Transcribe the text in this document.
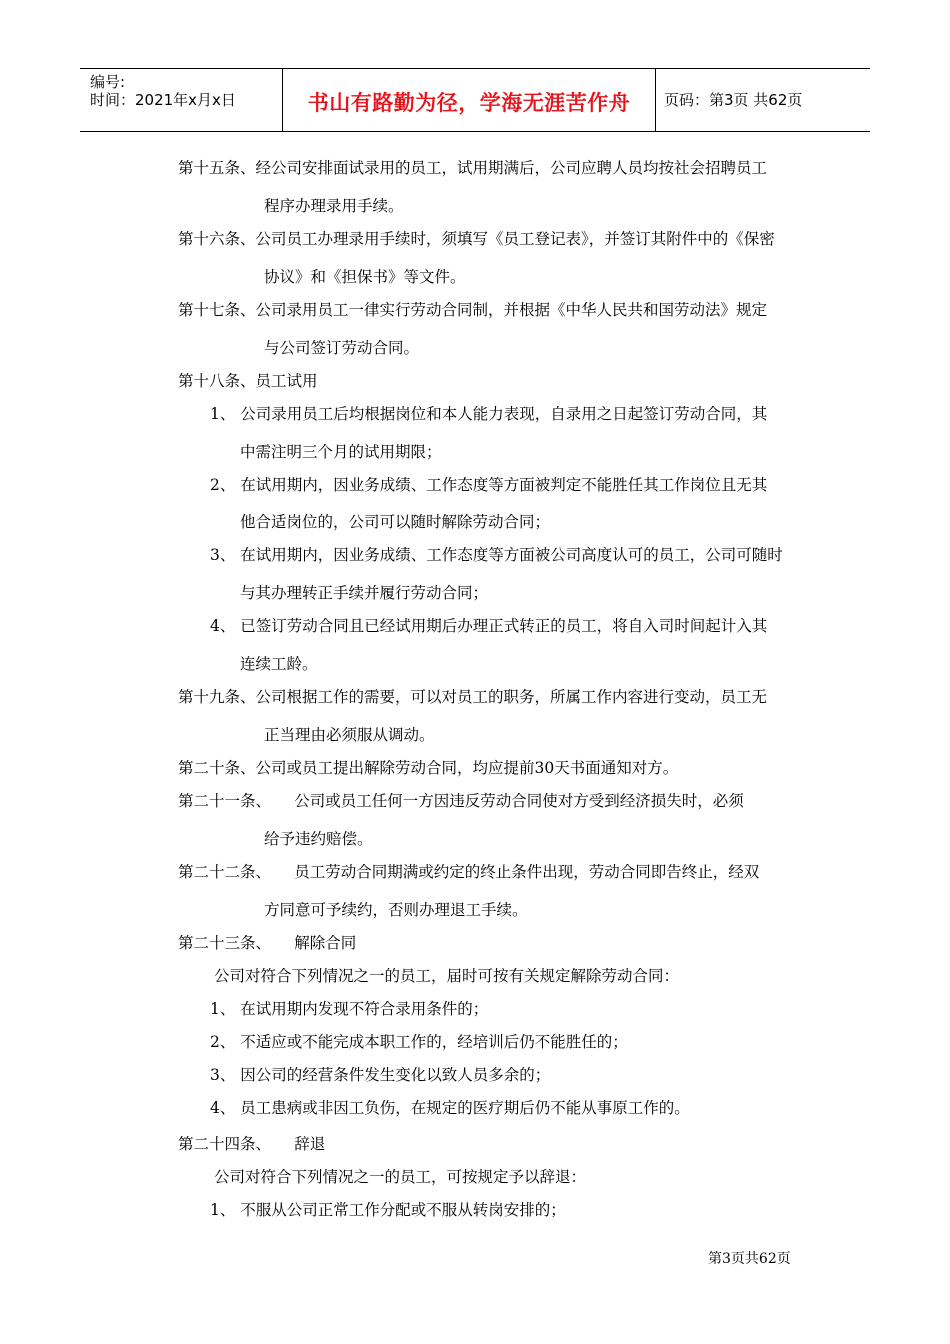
编号:
时间：2021年x月x日	书山有路勤为径，学海无涯苦作舟	页码：第3页 共62页
第十五条、经公司安排面试录用的员工，试用期满后，公司应聘人员均按社会招聘员工
程序办理录用手续。
第十六条、公司员工办理录用手续时，须填写《员工登记表》，并签订其附件中的《保密
协议》和《担保书》等文件。
第十七条、公司录用员工一律实行劳动合同制，并根据《中华人民共和国劳动法》规定
与公司签订劳动合同。
第十八条、员工试用
1、 公司录用员工后均根据岗位和本人能力表现，自录用之日起签订劳动合同，其
中需注明三个月的试用期限；
2、 在试用期内，因业务成绩、工作态度等方面被判定不能胜任其工作岗位且无其
他合适岗位的，公司可以随时解除劳动合同；
3、 在试用期内，因业务成绩、工作态度等方面被公司高度认可的员工，公司可随时
与其办理转正手续并履行劳动合同；
4、 已签订劳动合同且已经试用期后办理正式转正的员工，将自入司时间起计入其
连续工龄。
第十九条、公司根据工作的需要，可以对员工的职务，所属工作内容进行变动，员工无
正当理由必须服从调动。
第二十条、公司或员工提出解除劳动合同，均应提前30天书面通知对方。
第二十一条、　　公司或员工任何一方因违反劳动合同使对方受到经济损失时，必须
给予违约赔偿。
第二十二条、　　员工劳动合同期满或约定的终止条件出现，劳动合同即告终止，经双
方同意可予续约，否则办理退工手续。
第二十三条、　　解除合同
公司对符合下列情况之一的员工，届时可按有关规定解除劳动合同：
1、 在试用期内发现不符合录用条件的；
2、 不适应或不能完成本职工作的，经培训后仍不能胜任的；
3、 因公司的经营条件发生变化以致人员多余的；
4、 员工患病或非因工负伤，在规定的医疗期后仍不能从事原工作的。
第二十四条、　　辞退
公司对符合下列情况之一的员工，可按规定予以辞退：
1、 不服从公司正常工作分配或不服从转岗安排的；
第3页共62页
